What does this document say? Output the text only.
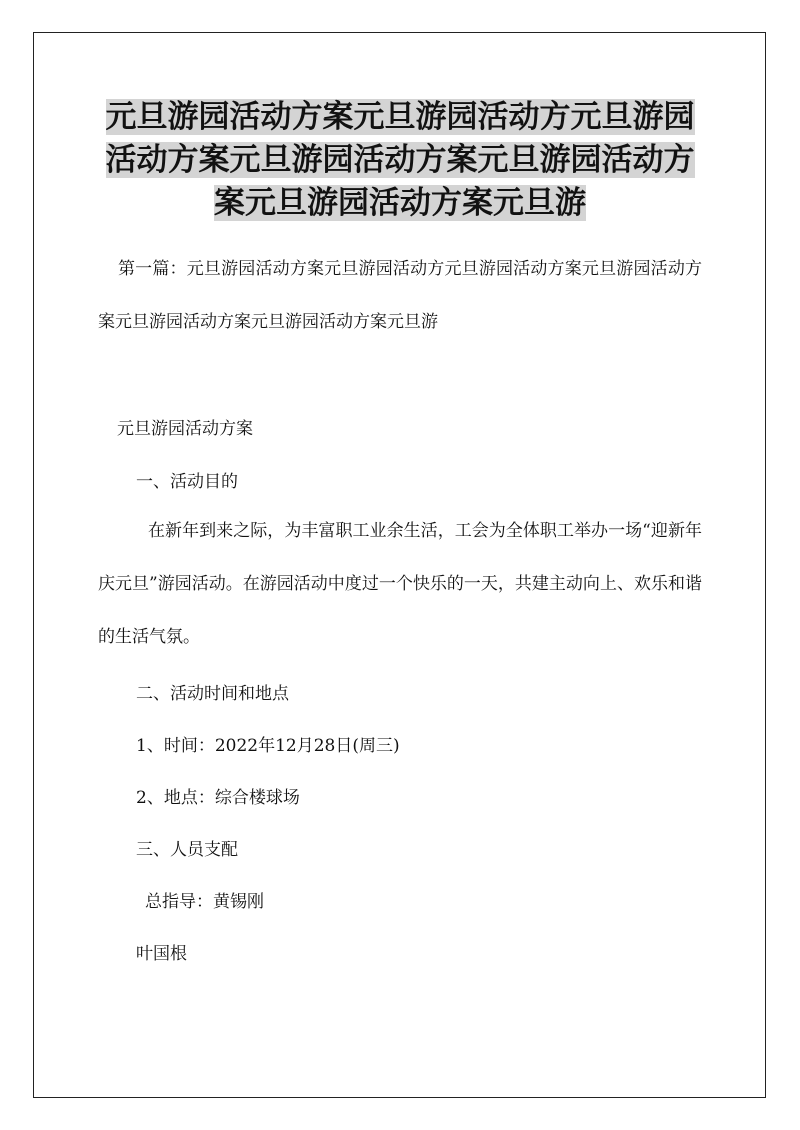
元旦游园活动方案元旦游园活动方元旦游园活动方案元旦游园活动方案元旦游园活动方案元旦游园活动方案元旦游
第一篇：元旦游园活动方案元旦游园活动方元旦游园活动方案元旦游园活动方案元旦游园活动方案元旦游园活动方案元旦游
元旦游园活动方案
一、活动目的
在新年到来之际，为丰富职工业余生活，工会为全体职工举办一场“迎新年 庆元旦”游园活动。在游园活动中度过一个快乐的一天，共建主动向上、欢乐和谐的生活气氛。
二、活动时间和地点
1、时间：2022年12月28日(周三)
2、地点：综合楼球场
三、人员支配
总指导：黄锡刚
叶国根
